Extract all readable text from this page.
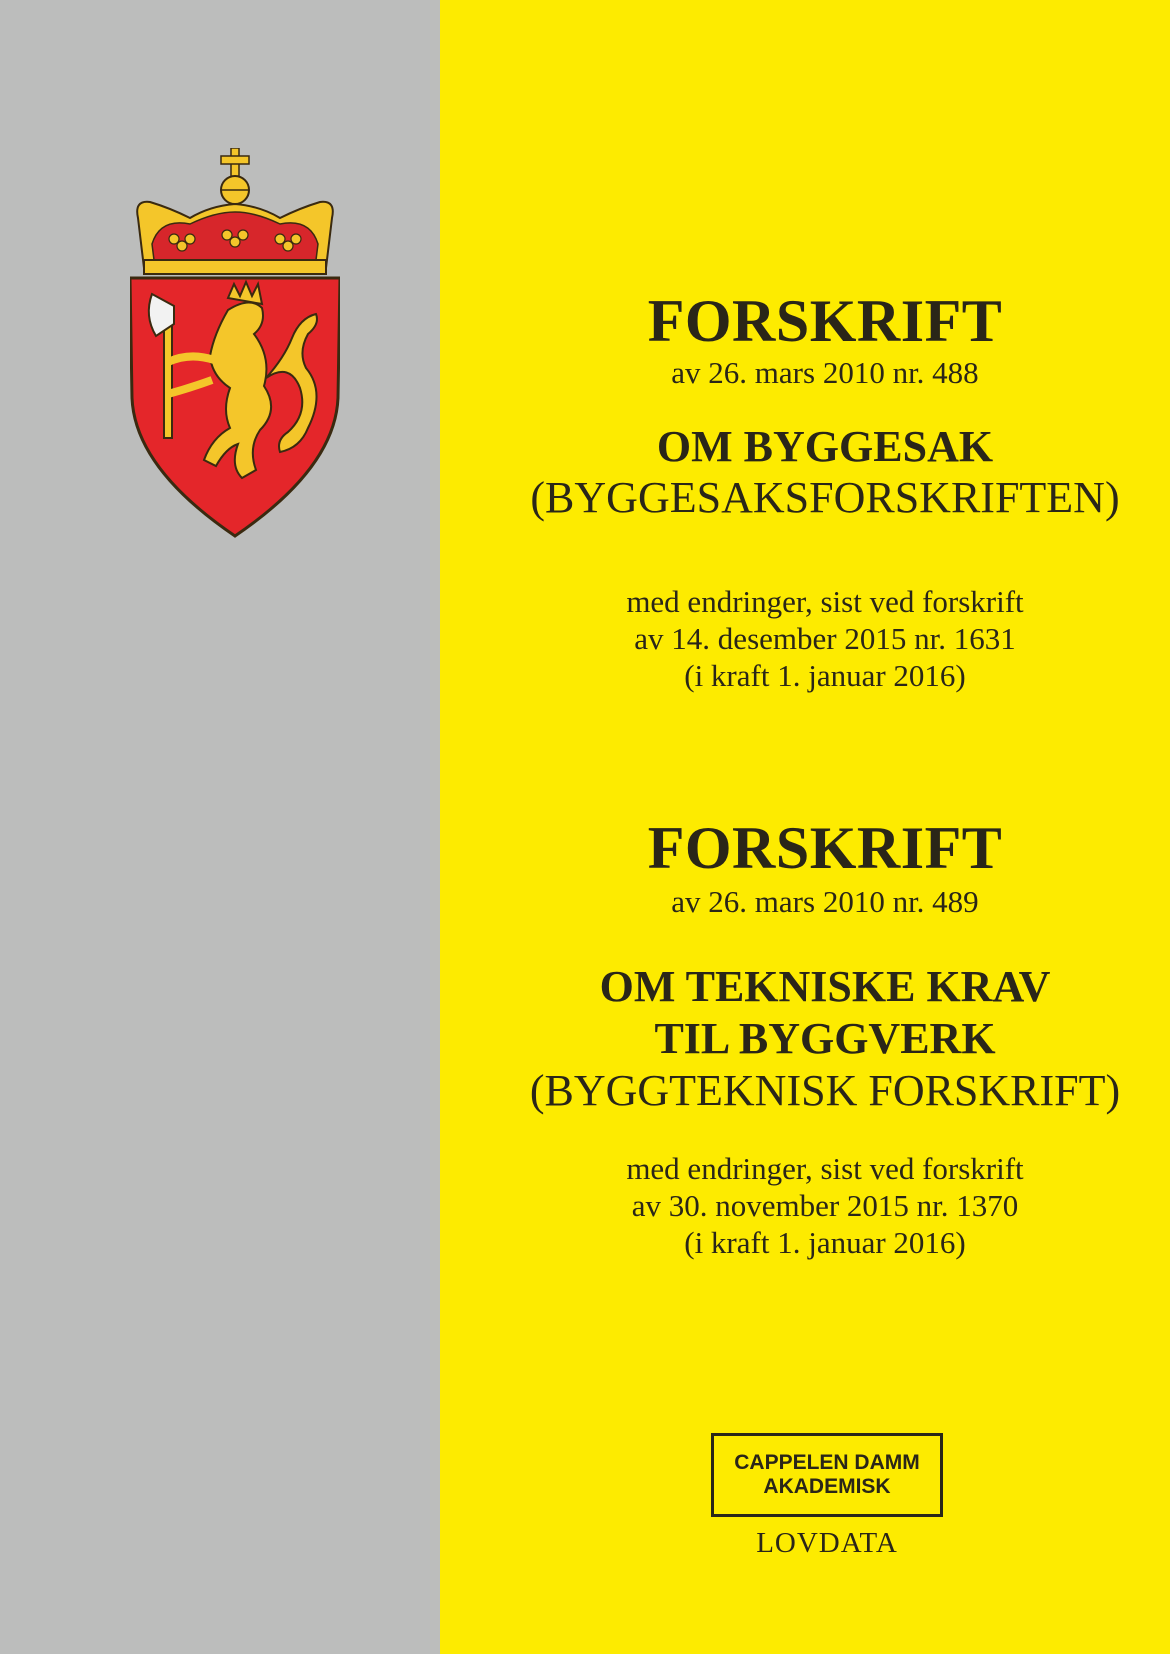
FORSKRIFT
av 26. mars 2010 nr. 488
OM BYGGESAK
(BYGGESAKSFORSKRIFTEN)
med endringer, sist ved forskrift
av 14. desember 2015 nr. 1631
(i kraft 1. januar 2016)
FORSKRIFT
av 26. mars 2010 nr. 489
OM TEKNISKE KRAV
TIL BYGGVERK
(BYGGTEKNISK FORSKRIFT)
med endringer, sist ved forskrift
av 30. november 2015 nr. 1370
(i kraft 1. januar 2016)
CAPPELEN DAMM
AKADEMISK
LOVDATA
